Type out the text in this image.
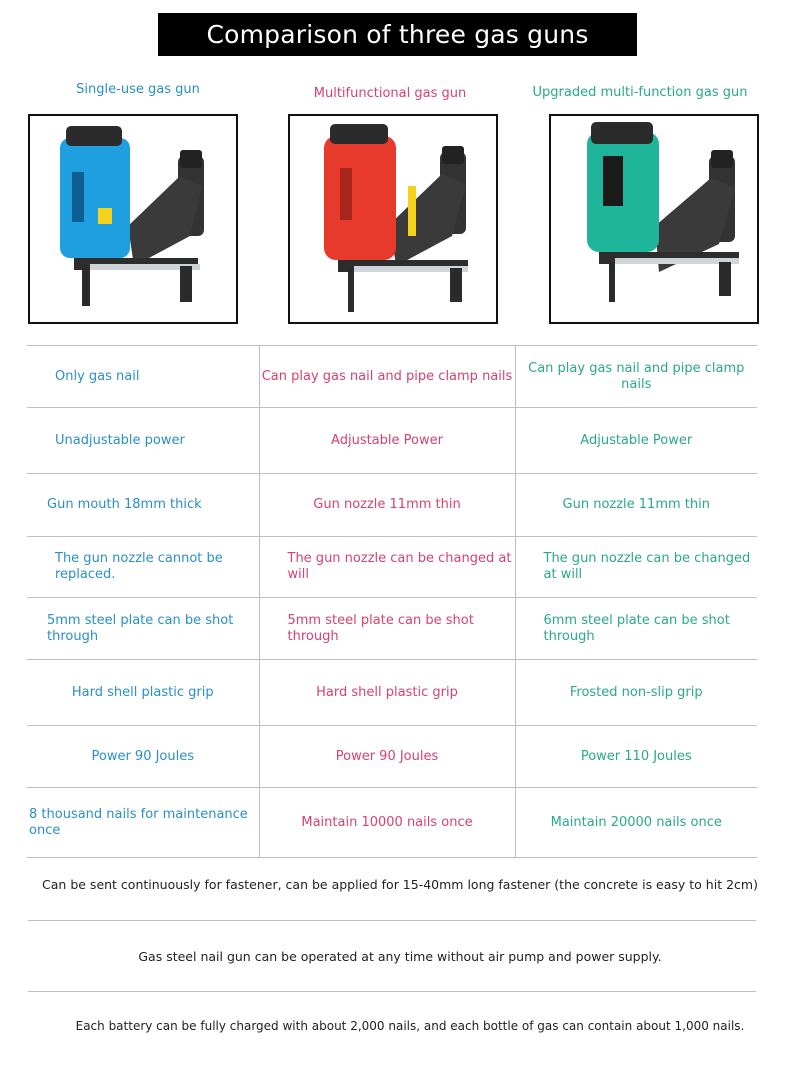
Comparison of three gas guns
Single-use gas gun	Multifunctional gas gun	Upgraded multi-function gas gun
Only gas nail	Can play gas nail and pipe clamp nails	Can play gas nail and pipe clamp nails
Unadjustable power	Adjustable Power	Adjustable Power
Gun mouth 18mm thick	Gun nozzle 11mm thin	Gun nozzle 11mm thin
The gun nozzle cannot be replaced.	The gun nozzle can be changed at will	The gun nozzle can be changed at will
5mm steel plate can be shot through	5mm steel plate can be shot through	6mm steel plate can be shot through
Hard shell plastic grip	Hard shell plastic grip	Frosted non-slip grip
Power 90 Joules	Power 90 Joules	Power 110 Joules
8 thousand nails for maintenance once	Maintain 10000 nails once	Maintain 20000 nails once
Can be sent continuously for fastener, can be applied for 15-40mm long fastener (the concrete is easy to hit 2cm)
Gas steel nail gun can be operated at any time without air pump and power supply.
Each battery can be fully charged with about 2,000 nails, and each bottle of gas can contain about 1,000 nails.
